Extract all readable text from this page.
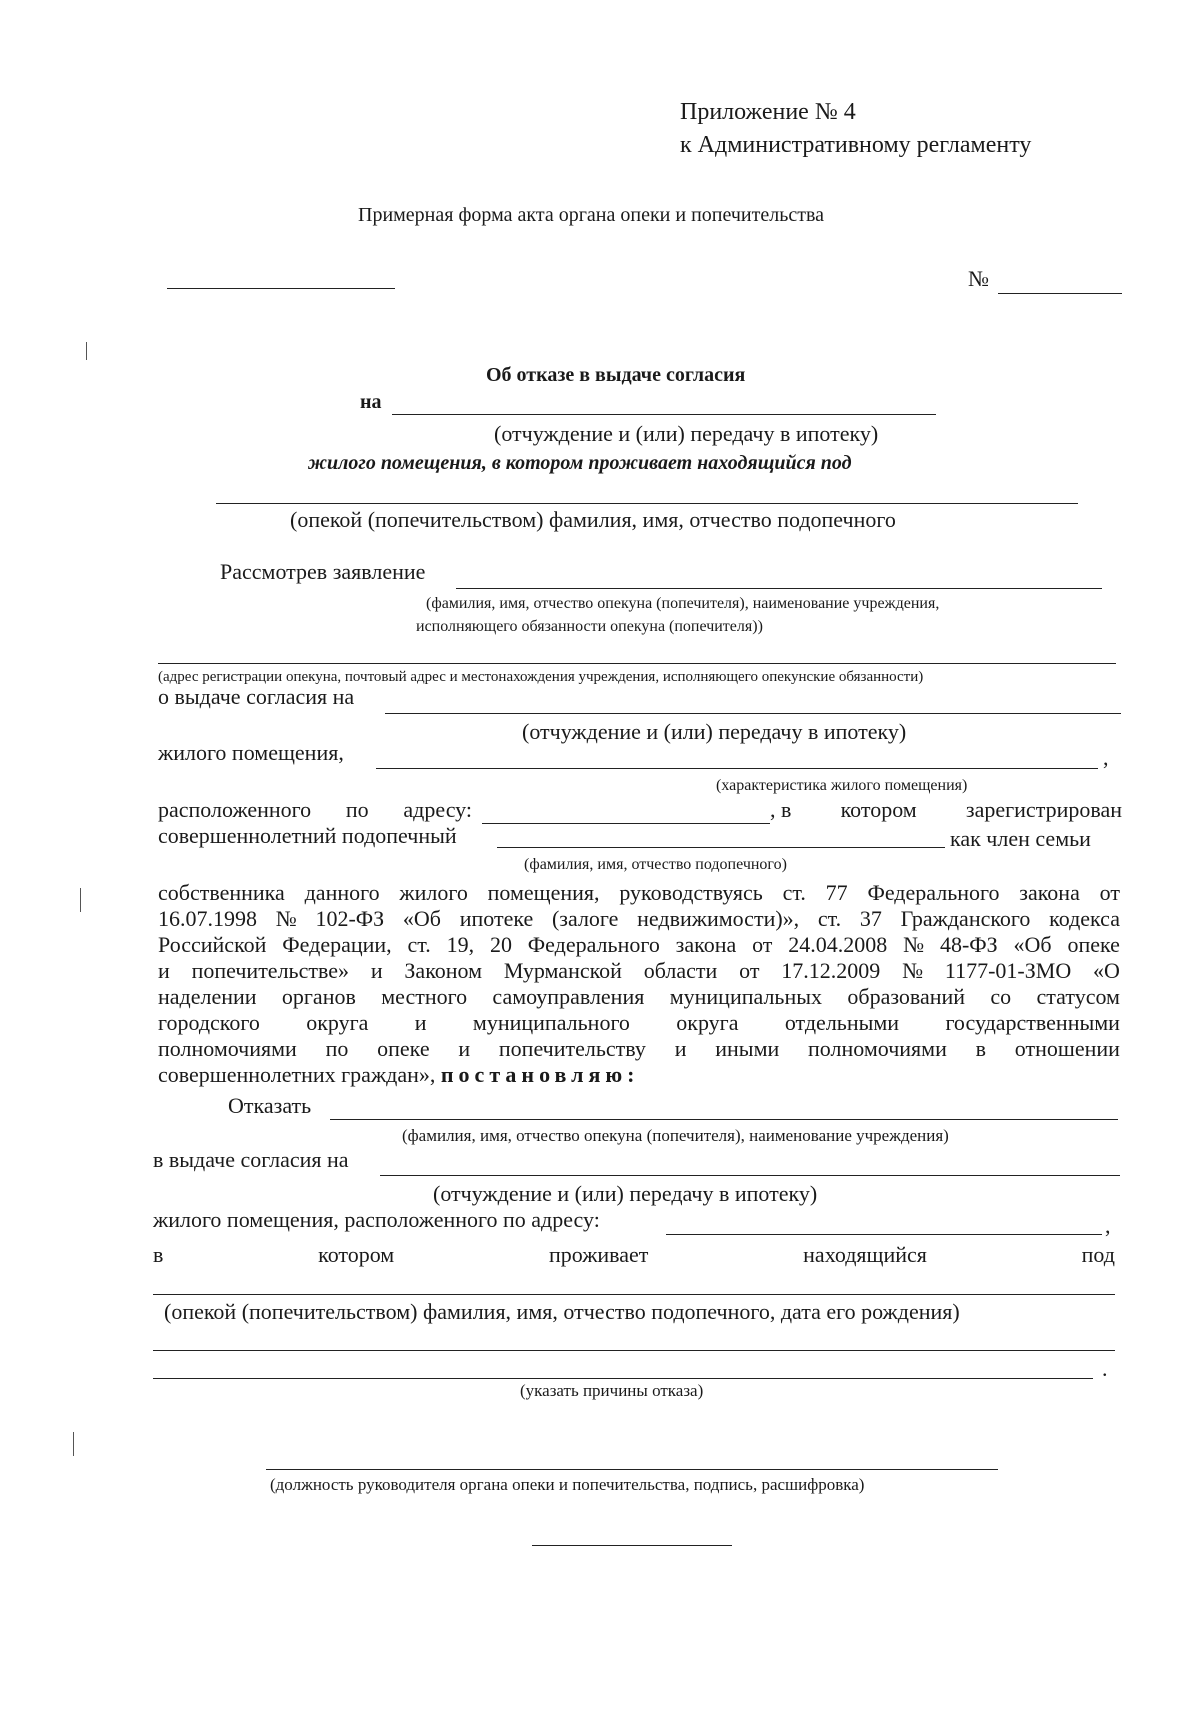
Приложение № 4
к Административному регламенту
Примерная форма акта органа опеки и попечительства
№
Об отказе в выдаче согласия
на
(отчуждение и (или) передачу в ипотеку)
жилого помещения, в котором проживает находящийся под
(опекой (попечительством) фамилия, имя, отчество подопечного
Рассмотрев заявление
(фамилия, имя, отчество опекуна (попечителя), наименование учреждения,
исполняющего обязанности опекуна (попечителя))
(адрес регистрации опекуна, почтовый адрес и местонахождения учреждения, исполняющего опекунские обязанности)
о выдаче согласия на
(отчуждение и (или) передачу в ипотеку)
жилого помещения,	,
(характеристика жилого помещения)
расположенного по адресу:	, в котором зарегистрирован
совершеннолетний подопечный	как член семьи
(фамилия, имя, отчество подопечного)
собственника данного жилого помещения, руководствуясь ст. 77 Федерального закона от
16.07.1998 № 102-ФЗ «Об ипотеке (залоге недвижимости)», ст. 37 Гражданского кодекса
Российской Федерации, ст. 19, 20 Федерального закона от 24.04.2008 № 48-ФЗ «Об опеке
и попечительстве» и Законом Мурманской области от 17.12.2009 № 1177-01-ЗМО «О
наделении органов местного самоуправления муниципальных образований со статусом
городского округа и муниципального округа отдельными государственными
полномочиями по опеке и попечительству и иными полномочиями в отношении
совершеннолетних граждан», постановляю:
Отказать
(фамилия, имя, отчество опекуна (попечителя), наименование учреждения)
в выдаче согласия на
(отчуждение и (или) передачу в ипотеку)
жилого помещения, расположенного по адресу:	,
в	котором	проживает	находящийся	под
(опекой (попечительством) фамилия, имя, отчество подопечного, дата его рождения)
.
(указать причины отказа)
(должность руководителя органа опеки и попечительства, подпись, расшифровка)
